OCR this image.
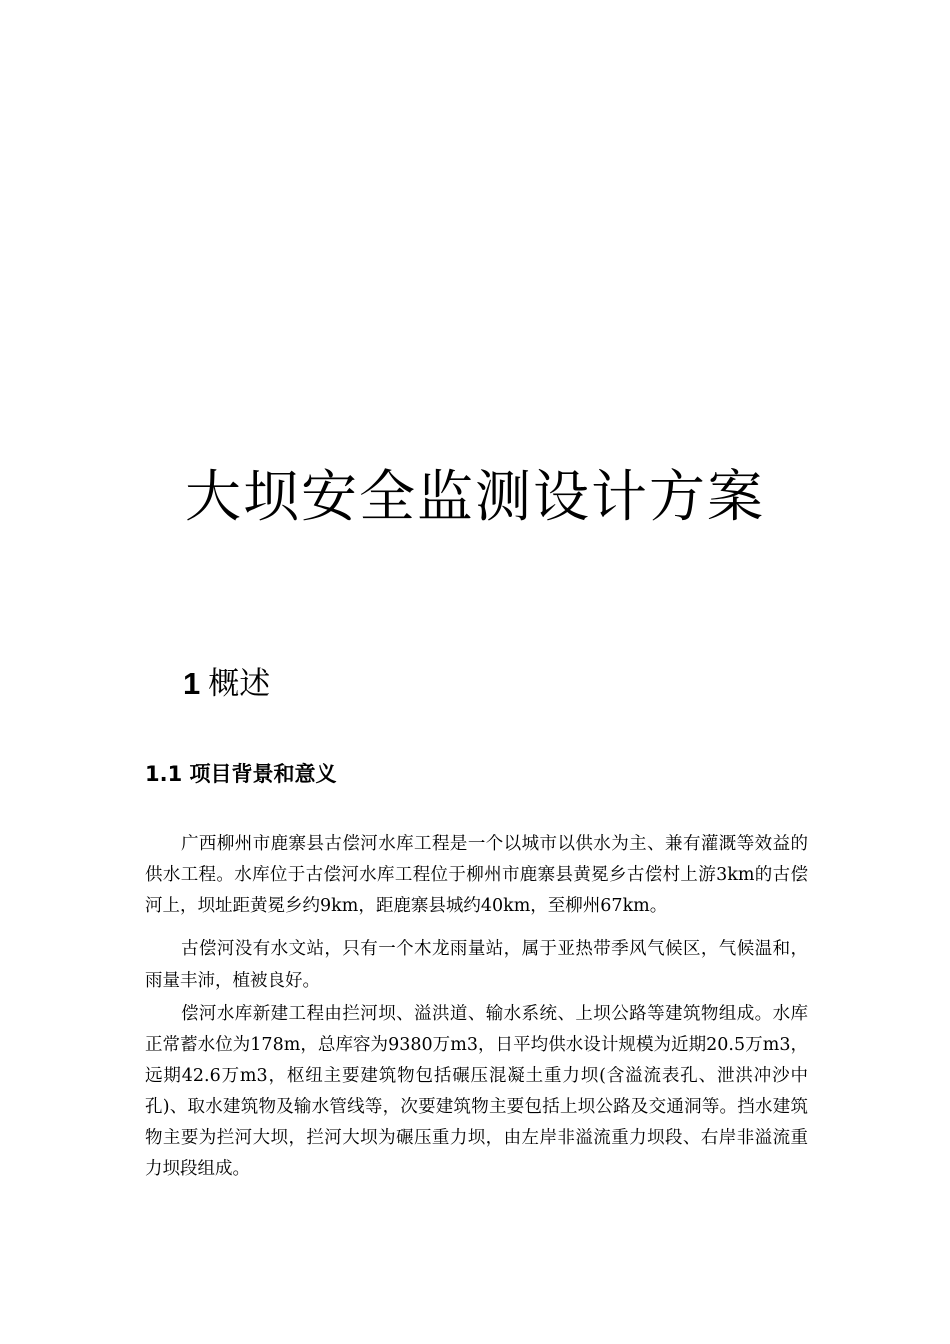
大坝安全监测设计方案
1 概述
1.1 项目背景和意义

广西柳州市鹿寨县古偿河水库工程是一个以城市以供水为主、兼有灌溉等效益的供水工程。水库位于古偿河水库工程位于柳州市鹿寨县黄冕乡古偿村上游3km的古偿河上，坝址距黄冕乡约9km，距鹿寨县城约40km，至柳州67km。

古偿河没有水文站，只有一个木龙雨量站，属于亚热带季风气候区，气候温和，雨量丰沛，植被良好。

偿河水库新建工程由拦河坝、溢洪道、输水系统、上坝公路等建筑物组成。水库正常蓄水位为178m，总库容为9380万m3，日平均供水设计规模为近期20.5万m3，远期42.6万m3，枢纽主要建筑物包括碾压混凝土重力坝(含溢流表孔、泄洪冲沙中孔)、取水建筑物及输水管线等，次要建筑物主要包括上坝公路及交通洞等。挡水建筑物主要为拦河大坝，拦河大坝为碾压重力坝，由左岸非溢流重力坝段、右岸非溢流重力坝段组成。
